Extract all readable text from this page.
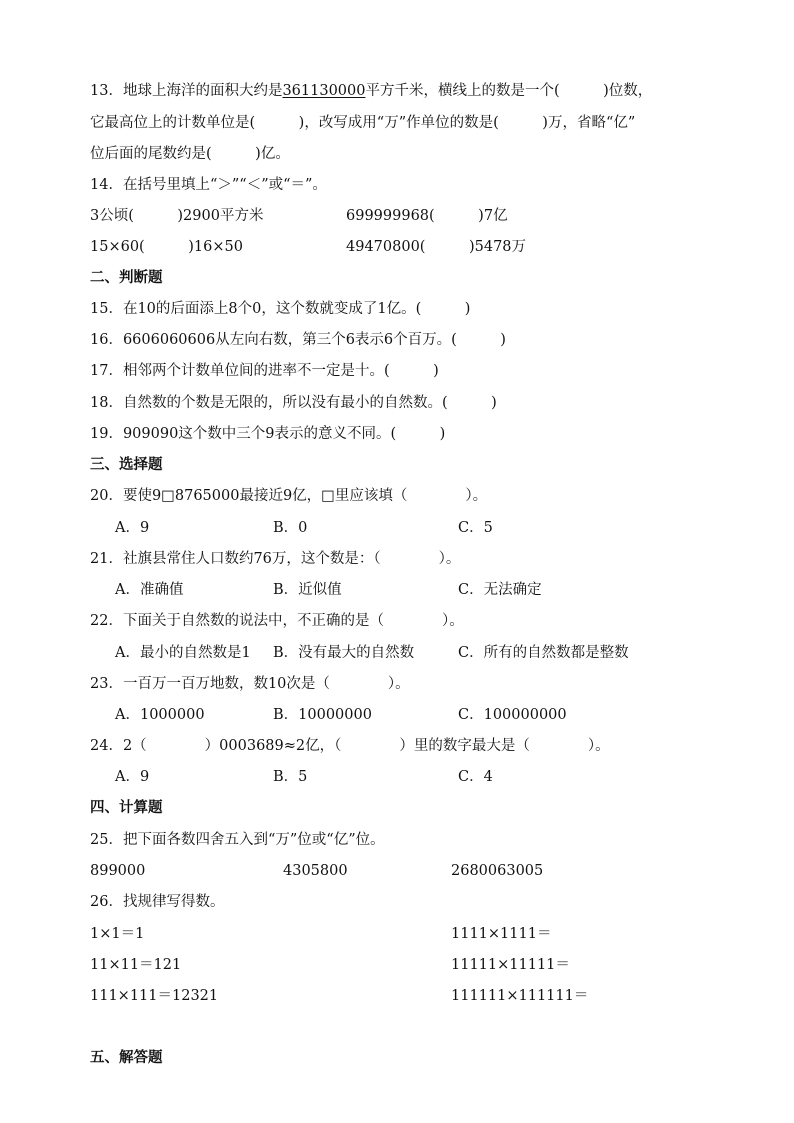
13．地球上海洋的面积大约是361130000平方千米，横线上的数是一个(　　　)位数，
它最高位上的计数单位是(　　　)，改写成用“万”作单位的数是(　　　)万，省略“亿”
位后面的尾数约是(　　　)亿。
14．在括号里填上“＞”“＜”或“＝”。
3公顷(　　　)2900平方米	699999968(　　　)7亿
15×60(　　　)16×50	49470800(　　　)5478万
二、判断题
15．在10的后面添上8个0，这个数就变成了1亿。(　　　)
16．6606060606从左向右数，第三个6表示6个百万。(　　　)
17．相邻两个计数单位间的进率不一定是十。(　　　)
18．自然数的个数是无限的，所以没有最小的自然数。(　　　)
19．909090这个数中三个9表示的意义不同。(　　　)
三、选择题
20．要使9□8765000最接近9亿，□里应该填（　　　　）。
A．9	B．0	C．5
21．社旗县常住人口数约76万，这个数是：（　　　　）。
A．准确值	B．近似值	C．无法确定
22．下面关于自然数的说法中，不正确的是（　　　　）。
A．最小的自然数是1 B．没有最大的自然数	C．所有的自然数都是整数
23．一百万一百万地数，数10次是（　　　　）。
A．1000000	B．10000000	C．100000000
24．2（　　　　）0003689≈2亿，（　　　　）里的数字最大是（　　　　）。
A．9	B．5	C．4
四、计算题
25．把下面各数四舍五入到“万”位或“亿”位。
899000	4305800	2680063005
26．找规律写得数。
1×1＝1	1111×1111＝
11×11＝121	11111×11111＝
111×111＝12321	111111×111111＝
五、解答题
